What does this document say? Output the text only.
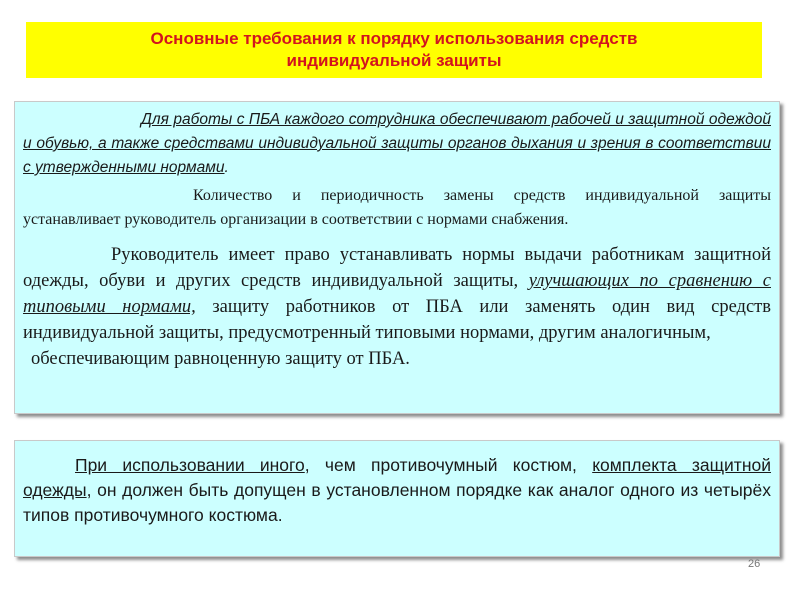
Основные требования к порядку использования средств
индивидуальной защиты

Для работы с ПБА каждого сотрудника обеспечивают рабочей и защитной одеждой и обувью, а также средствами индивидуальной защиты органов дыхания и зрения в соответствии с утвержденными нормами.

Количество и периодичность замены средств индивидуальной защиты устанавливает руководитель организации в соответствии с нормами снабжения.

Руководитель имеет право устанавливать нормы выдачи работникам защитной одежды, обуви и других средств индивидуальной защиты, улучшающих по сравнению с типовыми нормами, защиту работников от ПБА или заменять один вид средств индивидуальной защиты, предусмотренный типовыми нормами, другим аналогичным,

обеспечивающим равноценную защиту от ПБА.

При использовании иного, чем противочумный костюм, комплекта защитной одежды, он должен быть допущен в установленном порядке как аналог одного из четырёх типов противочумного костюма.

26
